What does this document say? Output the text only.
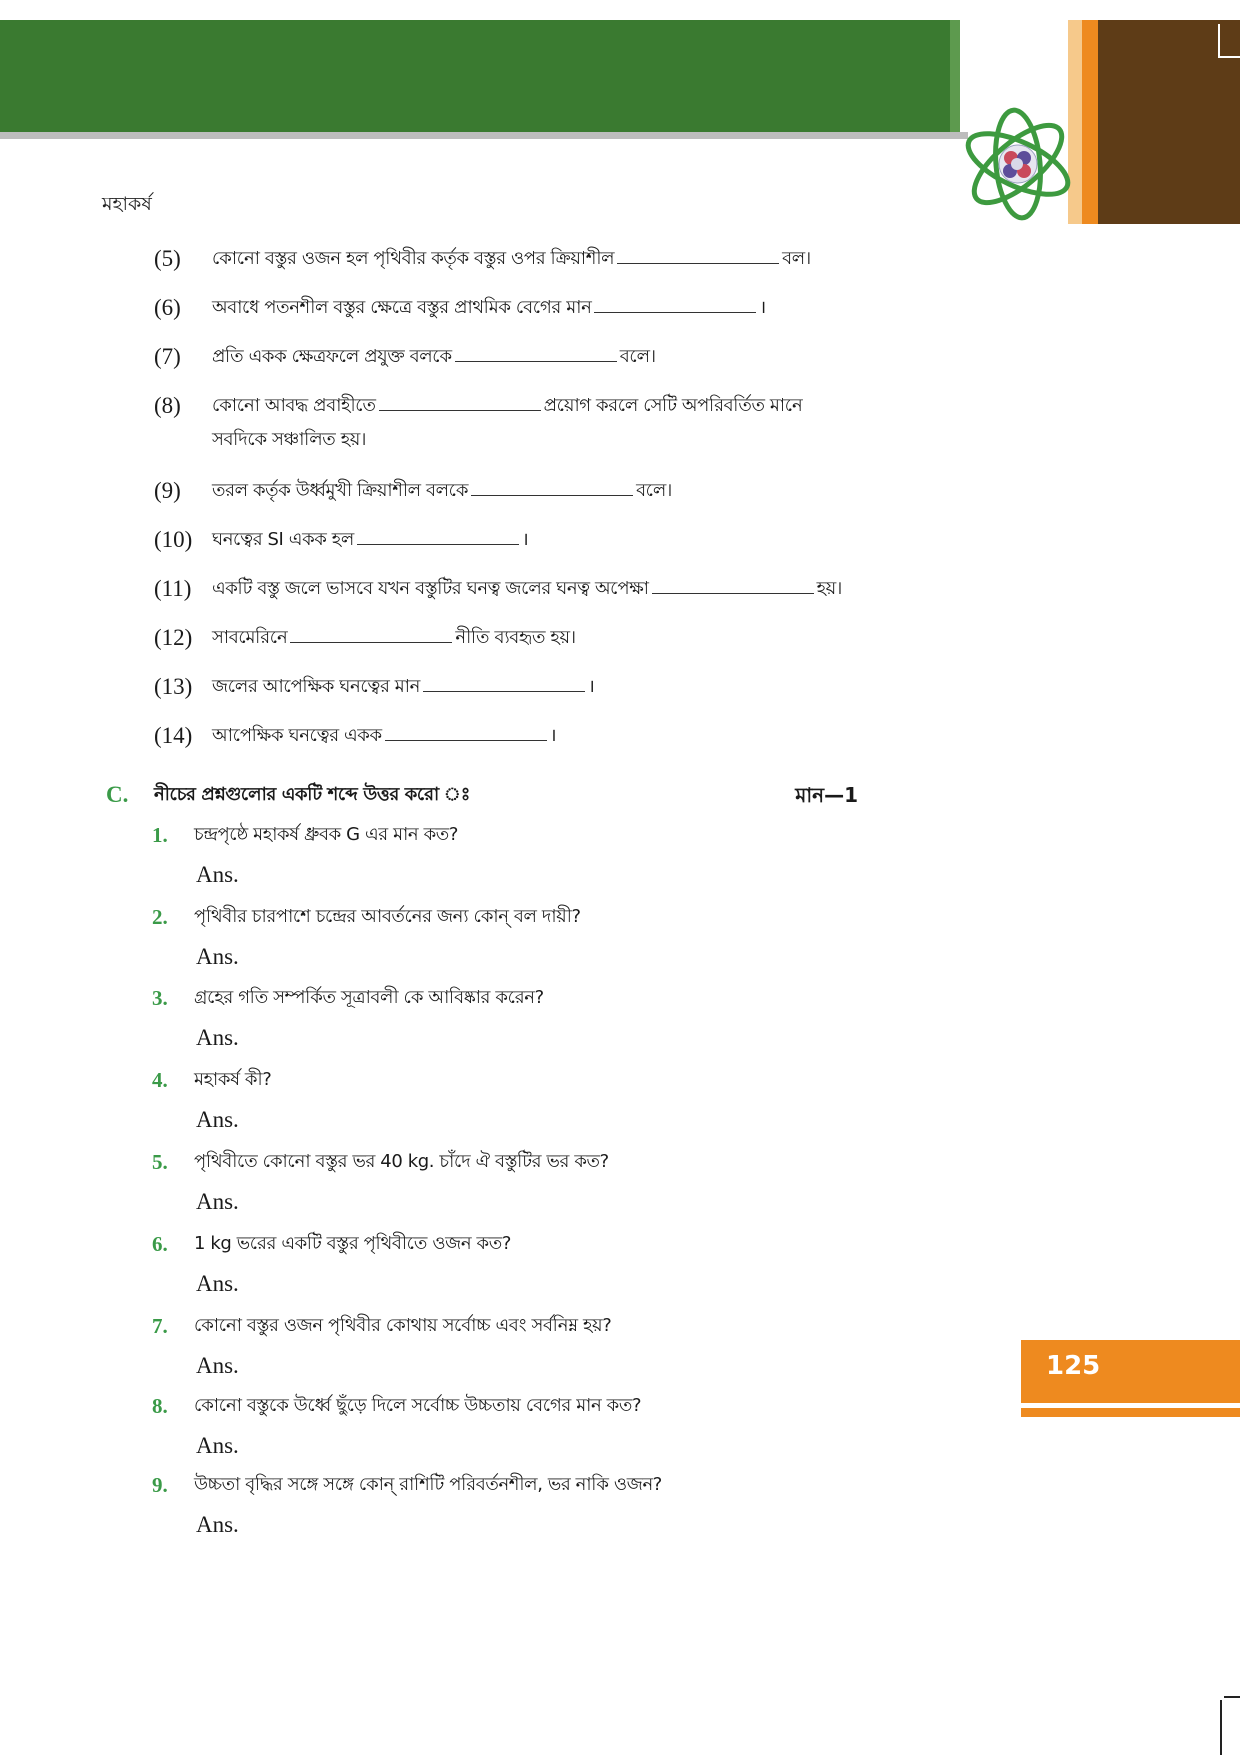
মহাকর্ষ
(5) কোনো বস্তুর ওজন হল পৃথিবীর কর্তৃক বস্তুর ওপর ক্রিয়াশীল	বল।
(6) অবাধে পতনশীল বস্তুর ক্ষেত্রে বস্তুর প্রাথমিক বেগের মান	।
(7) প্রতি একক ক্ষেত্রফলে প্রযুক্ত বলকে	বলে।
(8) কোনো আবদ্ধ প্রবাহীতে	প্রয়োগ করলে সেটি অপরিবর্তিত মানে
সবদিকে সঞ্চালিত হয়।
(9) তরল কর্তৃক উর্ধ্বমুখী ক্রিয়াশীল বলকে	বলে।
(10) ঘনত্বের SI একক হল	।
(11) একটি বস্তু জলে ভাসবে যখন বস্তুটির ঘনত্ব জলের ঘনত্ব অপেক্ষা	হয়।
(12) সাবমেরিনে	নীতি ব্যবহৃত হয়।
(13) জলের আপেক্ষিক ঘনত্বের মান	।
(14) আপেক্ষিক ঘনত্বের একক	।
C. নীচের প্রশ্নগুলোর একটি শব্দে উত্তর করো ঃ	মান—1
1. চন্দ্রপৃষ্ঠে মহাকর্ষ ধ্রুবক G এর মান কত?
Ans.
2. পৃথিবীর চারপাশে চন্দ্রের আবর্তনের জন্য কোন্ বল দায়ী?
Ans.
3. গ্রহের গতি সম্পর্কিত সূত্রাবলী কে আবিষ্কার করেন?
Ans.
4. মহাকর্ষ কী?
Ans.
5. পৃথিবীতে কোনো বস্তুর ভর 40 kg. চাঁদে ঐ বস্তুটির ভর কত?
Ans.
6. 1 kg ভরের একটি বস্তুর পৃথিবীতে ওজন কত?
Ans.
7. কোনো বস্তুর ওজন পৃথিবীর কোথায় সর্বোচ্চ এবং সর্বনিম্ন হয়?
Ans.
8. কোনো বস্তুকে উর্ধ্বে ছুঁড়ে দিলে সর্বোচ্চ উচ্চতায় বেগের মান কত?
Ans.
9. উচ্চতা বৃদ্ধির সঙ্গে সঙ্গে কোন্ রাশিটি পরিবর্তনশীল, ভর নাকি ওজন?
Ans.
125
